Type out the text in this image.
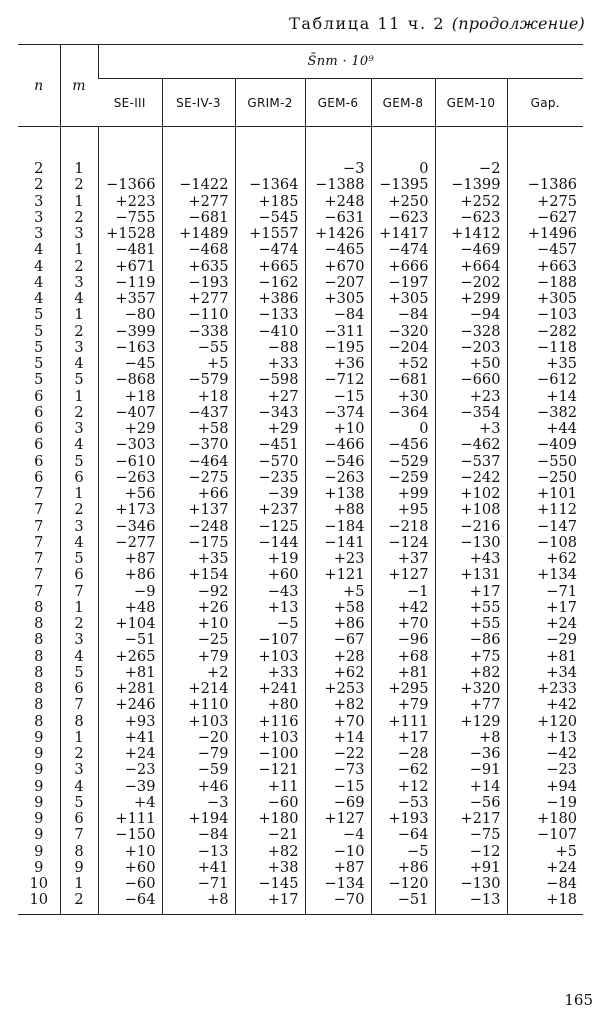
Таблица 11 ч. 2 (продолжение)
n	m	S̄nm · 10⁹						
		SE-III	SE-IV-3	GRIM-2	GEM-6	GEM-8	GEM-10	Gap.

2	1				−3	0	−2	
2	2	−1366	−1422	−1364	−1388	−1395	−1399	−1386
3	1	+223	+277	+185	+248	+250	+252	+275
3	2	−755	−681	−545	−631	−623	−623	−627
3	3	+1528	+1489	+1557	+1426	+1417	+1412	+1496
4	1	−481	−468	−474	−465	−474	−469	−457
4	2	+671	+635	+665	+670	+666	+664	+663
4	3	−119	−193	−162	−207	−197	−202	−188
4	4	+357	+277	+386	+305	+305	+299	+305
5	1	−80	−110	−133	−84	−84	−94	−103
5	2	−399	−338	−410	−311	−320	−328	−282
5	3	−163	−55	−88	−195	−204	−203	−118
5	4	−45	+5	+33	+36	+52	+50	+35
5	5	−868	−579	−598	−712	−681	−660	−612
6	1	+18	+18	+27	−15	+30	+23	+14
6	2	−407	−437	−343	−374	−364	−354	−382
6	3	+29	+58	+29	+10	0	+3	+44
6	4	−303	−370	−451	−466	−456	−462	−409
6	5	−610	−464	−570	−546	−529	−537	−550
6	6	−263	−275	−235	−263	−259	−242	−250
7	1	+56	+66	−39	+138	+99	+102	+101
7	2	+173	+137	+237	+88	+95	+108	+112
7	3	−346	−248	−125	−184	−218	−216	−147
7	4	−277	−175	−144	−141	−124	−130	−108
7	5	+87	+35	+19	+23	+37	+43	+62
7	6	+86	+154	+60	+121	+127	+131	+134
7	7	−9	−92	−43	+5	−1	+17	−71
8	1	+48	+26	+13	+58	+42	+55	+17
8	2	+104	+10	−5	+86	+70	+55	+24
8	3	−51	−25	−107	−67	−96	−86	−29
8	4	+265	+79	+103	+28	+68	+75	+81
8	5	+81	+2	+33	+62	+81	+82	+34
8	6	+281	+214	+241	+253	+295	+320	+233
8	7	+246	+110	+80	+82	+79	+77	+42
8	8	+93	+103	+116	+70	+111	+129	+120
9	1	+41	−20	+103	+14	+17	+8	+13
9	2	+24	−79	−100	−22	−28	−36	−42
9	3	−23	−59	−121	−73	−62	−91	−23
9	4	−39	+46	+11	−15	+12	+14	+94
9	5	+4	−3	−60	−69	−53	−56	−19
9	6	+111	+194	+180	+127	+193	+217	+180
9	7	−150	−84	−21	−4	−64	−75	−107
9	8	+10	−13	+82	−10	−5	−12	+5
9	9	+60	+41	+38	+87	+86	+91	+24
10	1	−60	−71	−145	−134	−120	−130	−84
10	2	−64	+8	+17	−70	−51	−13	+18
165
